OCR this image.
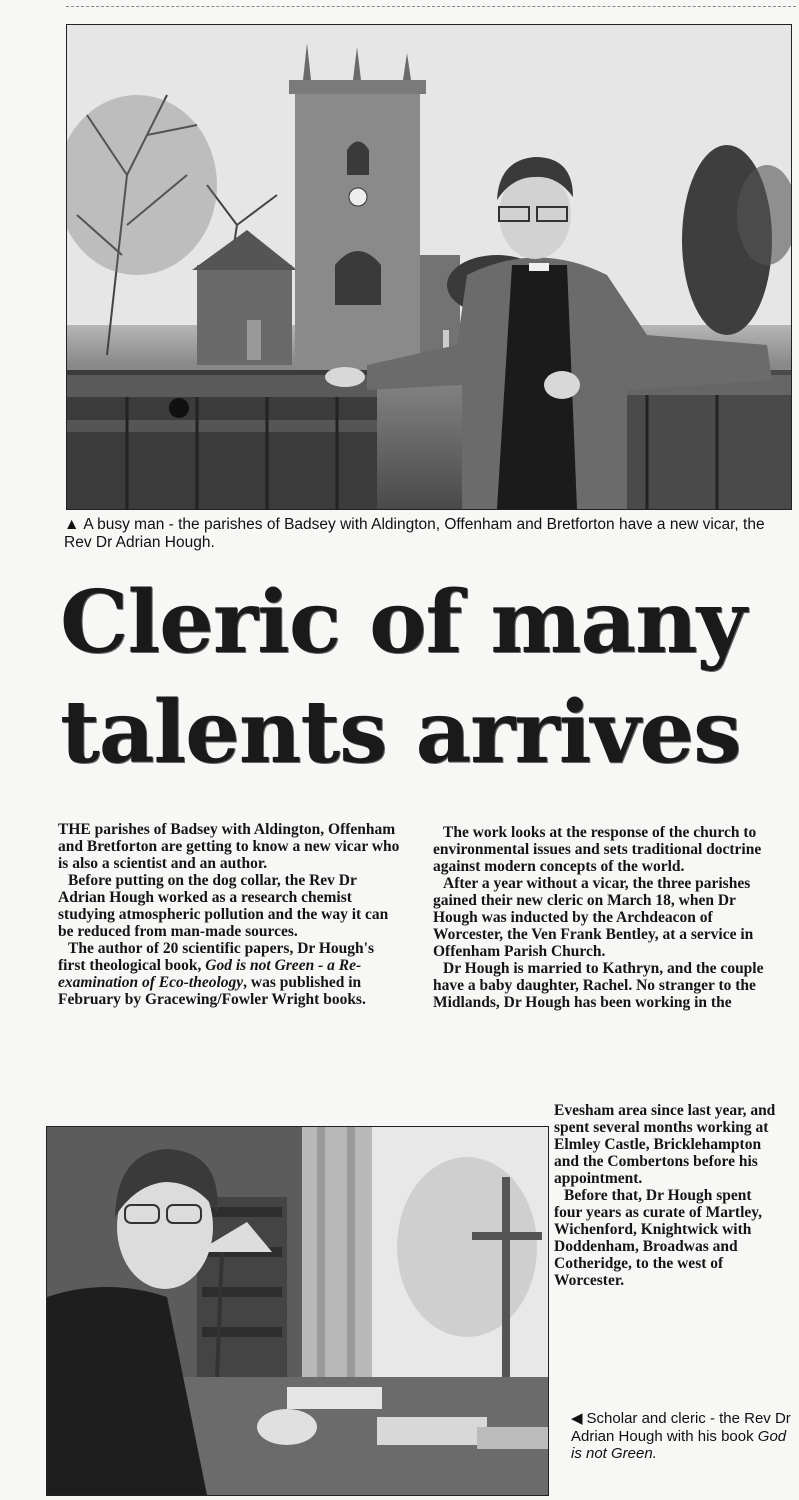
▲ A busy man - the parishes of Badsey with Aldington, Offenham and Bretforton have a new vicar, the Rev Dr Adrian Hough.
Cleric of many
talents arrives

THE parishes of Badsey with Aldington, Offenham and Bretforton are getting to know a new vicar who is also a scientist and an author.

Before putting on the dog collar, the Rev Dr Adrian Hough worked as a research chemist studying atmospheric pollution and the way it can be reduced from man-made sources.

The author of 20 scientific papers, Dr Hough's first theological book, God is not Green - a Re-examination of Eco-theology, was published in February by Gracewing/Fowler Wright books.

The work looks at the response of the church to environmental issues and sets traditional doctrine against modern concepts of the world.

After a year without a vicar, the three parishes gained their new cleric on March 18, when Dr Hough was inducted by the Archdeacon of Worcester, the Ven Frank Bentley, at a service in Offenham Parish Church.

Dr Hough is married to Kathryn, and the couple have a baby daughter, Rachel. No stranger to the Midlands, Dr Hough has been working in the

Evesham area since last year, and spent several months working at Elmley Castle, Bricklehampton and the Combertons before his appointment.

Before that, Dr Hough spent four years as curate of Martley, Wichenford, Knightwick with Doddenham, Broadwas and Cotheridge, to the west of Worcester.

◀ Scholar and cleric - the Rev Dr Adrian Hough with his book God is not Green.
